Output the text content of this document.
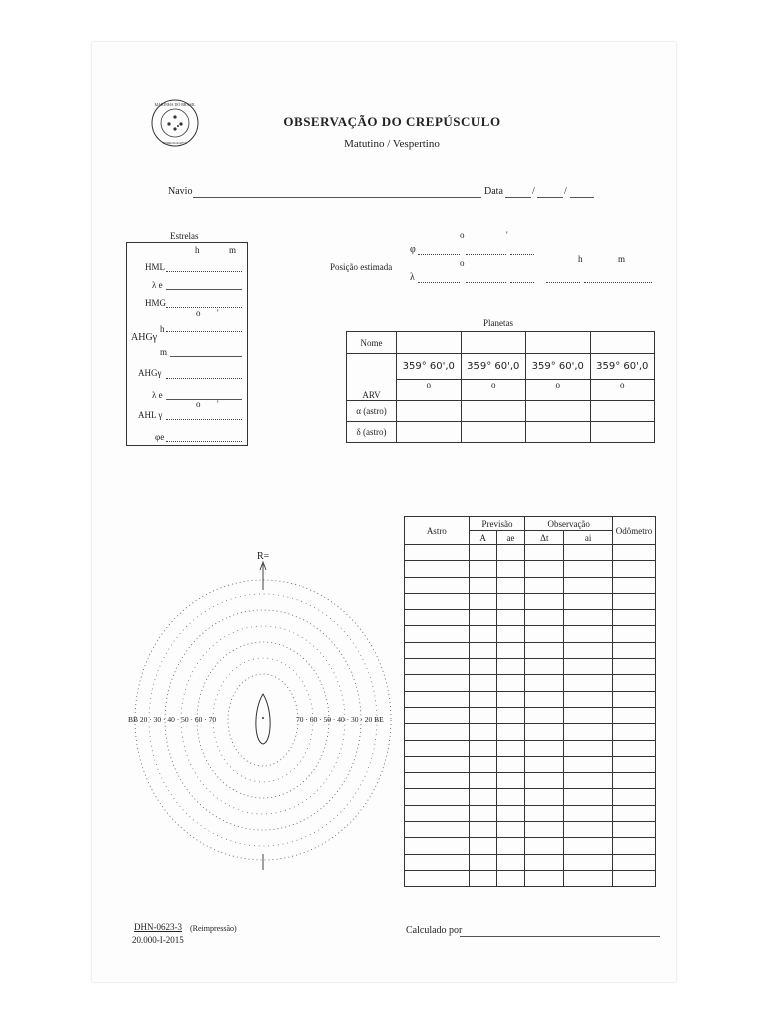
MARINHA DO BRASIL
HIDROGRAFIA
OBSERVAÇÃO DO CREPÚSCULO
Matutino / Vespertino
Navio	Data	/	/
Estrelas
h	m
HML
λ e
HMG
o '
h
AHGγ
m
AHGγ
λ e
o '
AHL γ
φe
Posição estimada
o	'
φ
o	h	m
λ
Planetas
Nome				
	359° 60',0	359° 60',0	359° 60',0	359° 60',0
ARV	o	o	o	o
α (astro)				
δ (astro)				
Astro	Previsão		Observação		Odômetro
	A	ae	Δt	ai	

R=
BB 20 · 30 · 40 · 50 · 60 · 70	70 · 60 · 50 · 40 · 30 · 20 BE
DHN-0623-3 (Reimpressão)
20.000-I-2015
Calculado por
